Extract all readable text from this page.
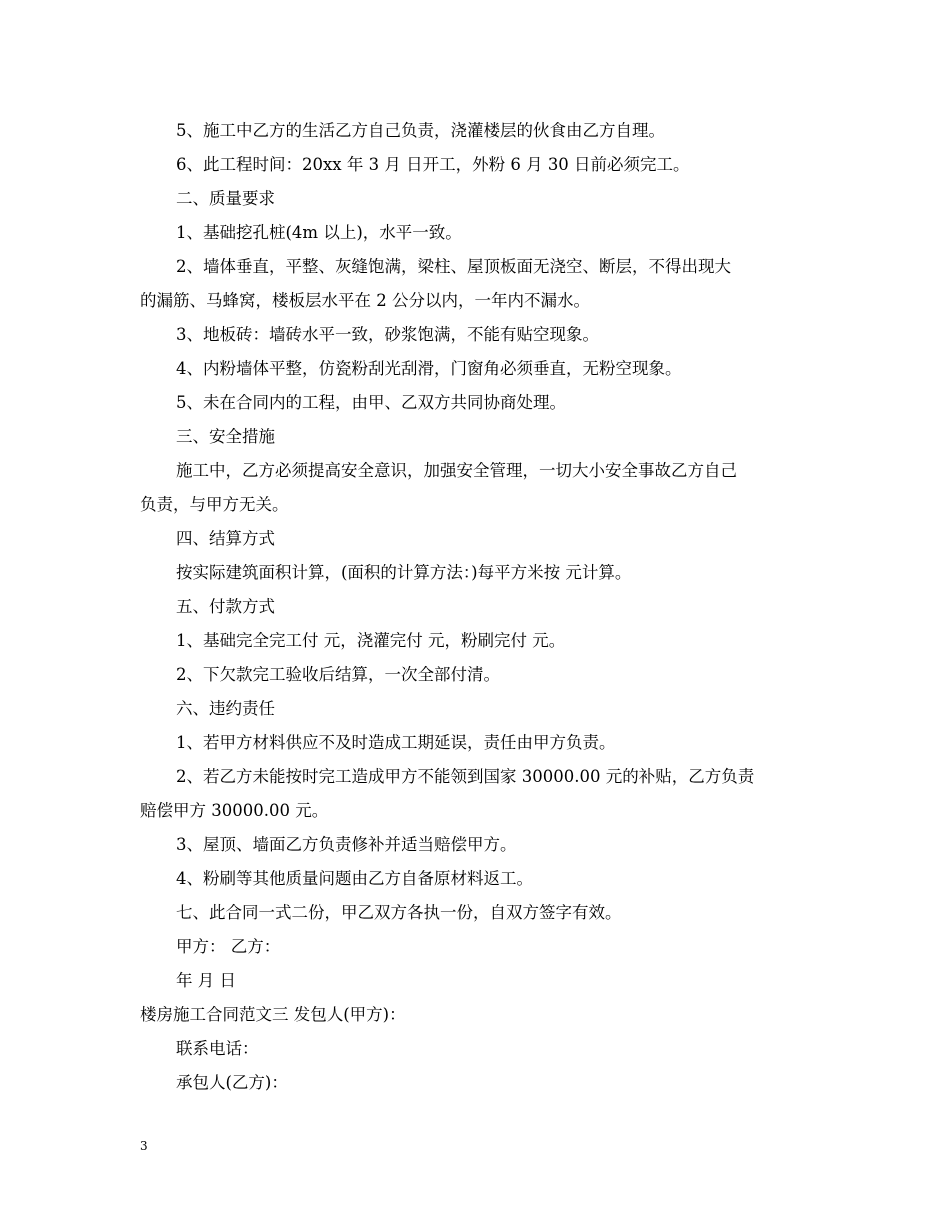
5、施工中乙方的生活乙方自己负责，浇灌楼层的伙食由乙方自理。
6、此工程时间：20xx 年 3 月 日开工，外粉 6 月 30 日前必须完工。
二、质量要求
1、基础挖孔桩(4m 以上)，水平一致。
2、墙体垂直，平整、灰缝饱满，梁柱、屋顶板面无浇空、断层，不得出现大
的漏筋、马蜂窝，楼板层水平在 2 公分以内，一年内不漏水。
3、地板砖：墙砖水平一致，砂浆饱满，不能有贴空现象。
4、内粉墙体平整，仿瓷粉刮光刮滑，门窗角必须垂直，无粉空现象。
5、未在合同内的工程，由甲、乙双方共同协商处理。
三、安全措施
施工中，乙方必须提高安全意识，加强安全管理，一切大小安全事故乙方自己
负责，与甲方无关。
四、结算方式
按实际建筑面积计算，(面积的计算方法：)每平方米按 元计算。
五、付款方式
1、基础完全完工付 元，浇灌完付 元，粉刷完付 元。
2、下欠款完工验收后结算，一次全部付清。
六、违约责任
1、若甲方材料供应不及时造成工期延误，责任由甲方负责。
2、若乙方未能按时完工造成甲方不能领到国家 30000.00 元的补贴，乙方负责
赔偿甲方 30000.00 元。
3、屋顶、墙面乙方负责修补并适当赔偿甲方。
4、粉刷等其他质量问题由乙方自备原材料返工。
七、此合同一式二份，甲乙双方各执一份，自双方签字有效。
甲方： 乙方：
年 月 日
楼房施工合同范文三 发包人(甲方)：
联系电话：
承包人(乙方)：
3
